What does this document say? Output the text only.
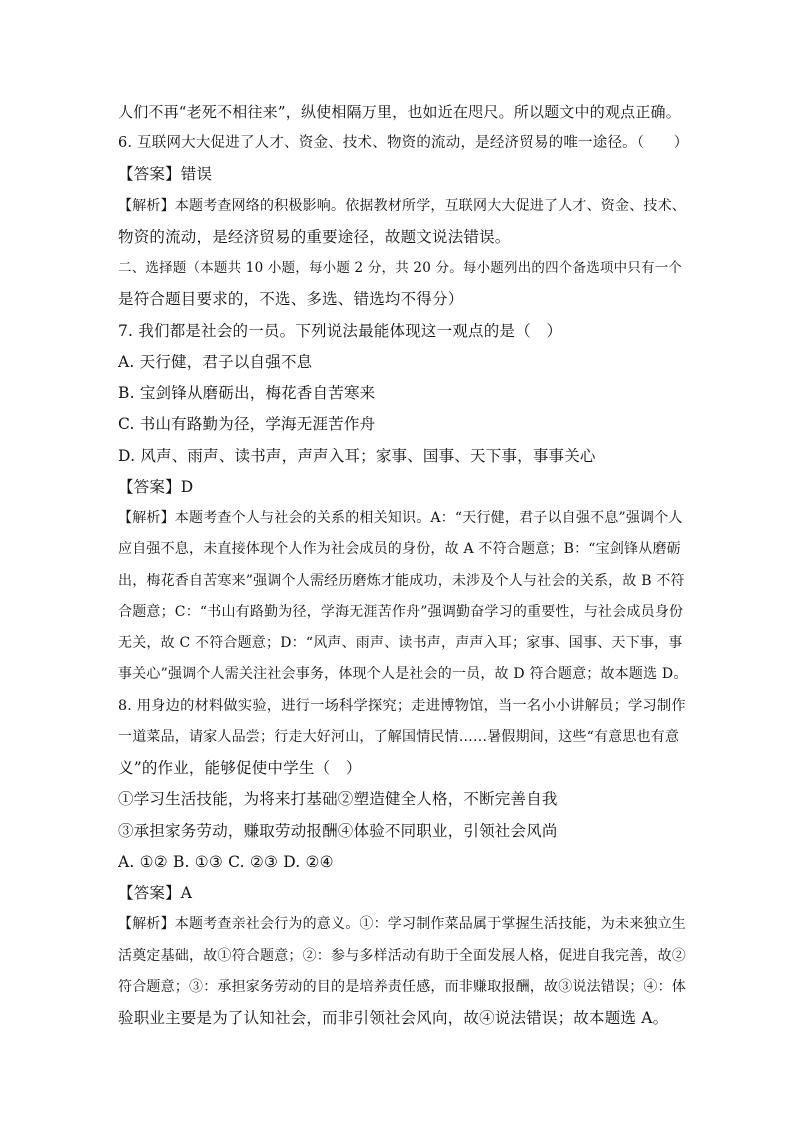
人们不再“老死不相往来”，纵使相隔万里，也如近在咫尺。所以题文中的观点正确。
6. 互联网大大促进了人才、资金、技术、物资的流动，是经济贸易的唯一途径。（　　）
【答案】错误
【解析】本题考查网络的积极影响。依据教材所学，互联网大大促进了人才、资金、技术、
物资的流动，是经济贸易的重要途径，故题文说法错误。
二、选择题（本题共 10 小题，每小题 2 分，共 20 分。每小题列出的四个备选项中只有一个
是符合题目要求的，不选、多选、错选均不得分）
7. 我们都是社会的一员。下列说法最能体现这一观点的是（　）
A. 天行健，君子以自强不息
B. 宝剑锋从磨砺出，梅花香自苦寒来
C. 书山有路勤为径，学海无涯苦作舟
D. 风声、雨声、读书声，声声入耳；家事、国事、天下事，事事关心
【答案】D
【解析】本题考查个人与社会的关系的相关知识。A：“天行健，君子以自强不息”强调个人
应自强不息，未直接体现个人作为社会成员的身份，故 A 不符合题意；B：“宝剑锋从磨砺
出，梅花香自苦寒来”强调个人需经历磨炼才能成功，未涉及个人与社会的关系，故 B 不符
合题意；C：“书山有路勤为径，学海无涯苦作舟”强调勤奋学习的重要性，与社会成员身份
无关，故 C 不符合题意；D：“风声、雨声、读书声，声声入耳；家事、国事、天下事，事
事关心”强调个人需关注社会事务，体现个人是社会的一员，故 D 符合题意；故本题选 D。
8. 用身边的材料做实验，进行一场科学探究；走进博物馆，当一名小小讲解员；学习制作
一道菜品，请家人品尝；行走大好河山，了解国情民情……暑假期间，这些“有意思也有意
义”的作业，能够促使中学生（　）
①学习生活技能，为将来打基础②塑造健全人格，不断完善自我
③承担家务劳动，赚取劳动报酬④体验不同职业，引领社会风尚
A. ①② B. ①③ C. ②③ D. ②④
【答案】A
【解析】本题考查亲社会行为的意义。①：学习制作菜品属于掌握生活技能，为未来独立生
活奠定基础，故①符合题意；②：参与多样活动有助于全面发展人格，促进自我完善，故②
符合题意；③：承担家务劳动的目的是培养责任感，而非赚取报酬，故③说法错误；④：体
验职业主要是为了认知社会，而非引领社会风向，故④说法错误；故本题选 A。
